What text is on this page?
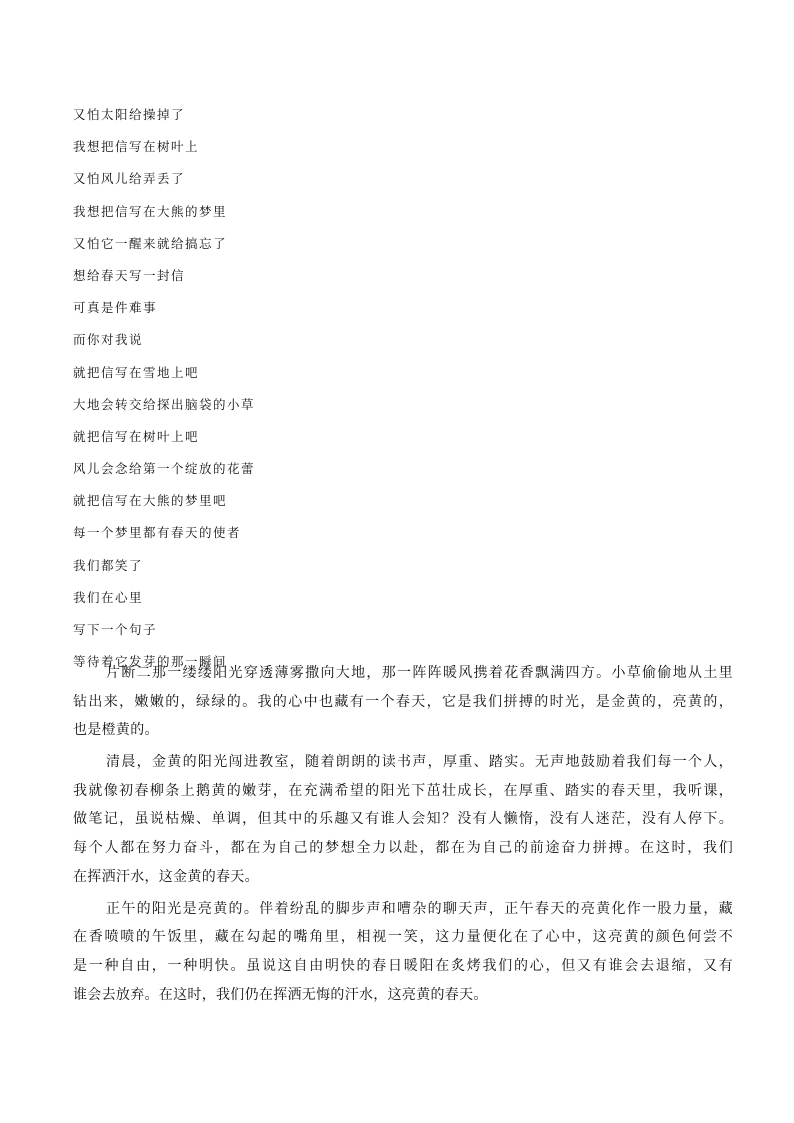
又怕太阳给操掉了
我想把信写在树叶上
又怕风儿给弄丢了
我想把信写在大熊的梦里
又怕它一醒来就给搞忘了
想给春天写一封信
可真是件难事
而你对我说
就把信写在雪地上吧
大地会转交给探出脑袋的小草
就把信写在树叶上吧
风儿会念给第一个绽放的花蕾
就把信写在大熊的梦里吧
每一个梦里都有春天的使者
我们都笑了
我们在心里
写下一个句子
等待着它发芽的那一瞬间
片断二那一缕缕阳光穿透薄雾撒向大地，那一阵阵暖风携着花香飘满四方。小草偷偷地从土里
钻出来，嫩嫩的，绿绿的。我的心中也藏有一个春天，它是我们拼搏的时光，是金黄的，亮黄的，
也是橙黄的。
清晨，金黄的阳光闯进教室，随着朗朗的读书声，厚重、踏实。无声地鼓励着我们每一个人，
我就像初春柳条上鹅黄的嫩芽，在充满希望的阳光下茁壮成长，在厚重、踏实的春天里，我听课，
做笔记，虽说枯燥、单调，但其中的乐趣又有谁人会知？没有人懒惰，没有人迷茫，没有人停下。
每个人都在努力奋斗，都在为自己的梦想全力以赴，都在为自己的前途奋力拼搏。在这时，我们
在挥洒汗水，这金黄的春天。
正午的阳光是亮黄的。伴着纷乱的脚步声和嘈杂的聊天声，正午春天的亮黄化作一股力量，藏
在香喷喷的午饭里，藏在勾起的嘴角里，相视一笑，这力量便化在了心中，这亮黄的颜色何尝不
是一种自由，一种明快。虽说这自由明快的春日暖阳在炙烤我们的心，但又有谁会去退缩，又有
谁会去放弃。在这时，我们仍在挥洒无悔的汗水，这亮黄的春天。
